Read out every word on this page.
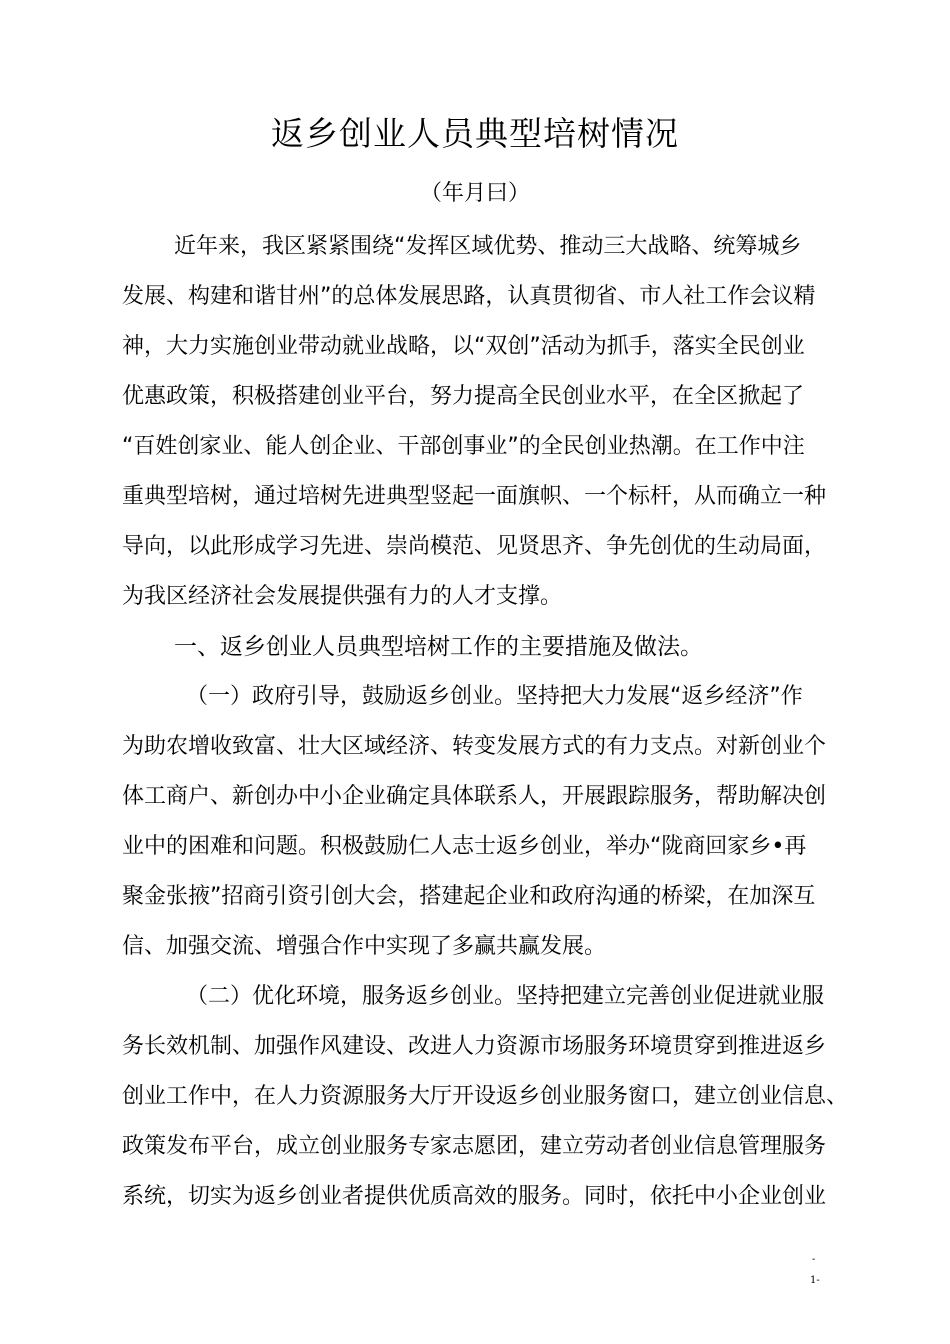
返乡创业人员典型培树情况
（年月曰）
近年来，我区紧紧围绕“发挥区域优势、推动三大战略、统筹城乡
发展、构建和谐甘州”的总体发展思路，认真贯彻省、市人社工作会议精
神，大力实施创业带动就业战略，以“双创”活动为抓手，落实全民创业
优惠政策，积极搭建创业平台，努力提高全民创业水平，在全区掀起了
“百姓创家业、能人创企业、干部创事业”的全民创业热潮。在工作中注
重典型培树，通过培树先进典型竖起一面旗帜、一个标杆，从而确立一种
导向，以此形成学习先进、崇尚模范、见贤思齐、争先创优的生动局面，
为我区经济社会发展提供强有力的人才支撑。
一、返乡创业人员典型培树工作的主要措施及做法。
（一）政府引导，鼓励返乡创业。坚持把大力发展“返乡经济”作
为助农增收致富、壮大区域经济、转变发展方式的有力支点。对新创业个
体工商户、新创办中小企业确定具体联系人，开展跟踪服务，帮助解决创
业中的困难和问题。积极鼓励仁人志士返乡创业，举办“陇商回家乡•再
聚金张掖”招商引资引创大会，搭建起企业和政府沟通的桥梁，在加深互
信、加强交流、增强合作中实现了多赢共赢发展。
（二）优化环境，服务返乡创业。坚持把建立完善创业促进就业服
务长效机制、加强作风建设、改进人力资源市场服务环境贯穿到推进返乡
创业工作中，在人力资源服务大厅开设返乡创业服务窗口，建立创业信息、
政策发布平台，成立创业服务专家志愿团，建立劳动者创业信息管理服务
系统，切实为返乡创业者提供优质高效的服务。同时，依托中小企业创业
-
1-
